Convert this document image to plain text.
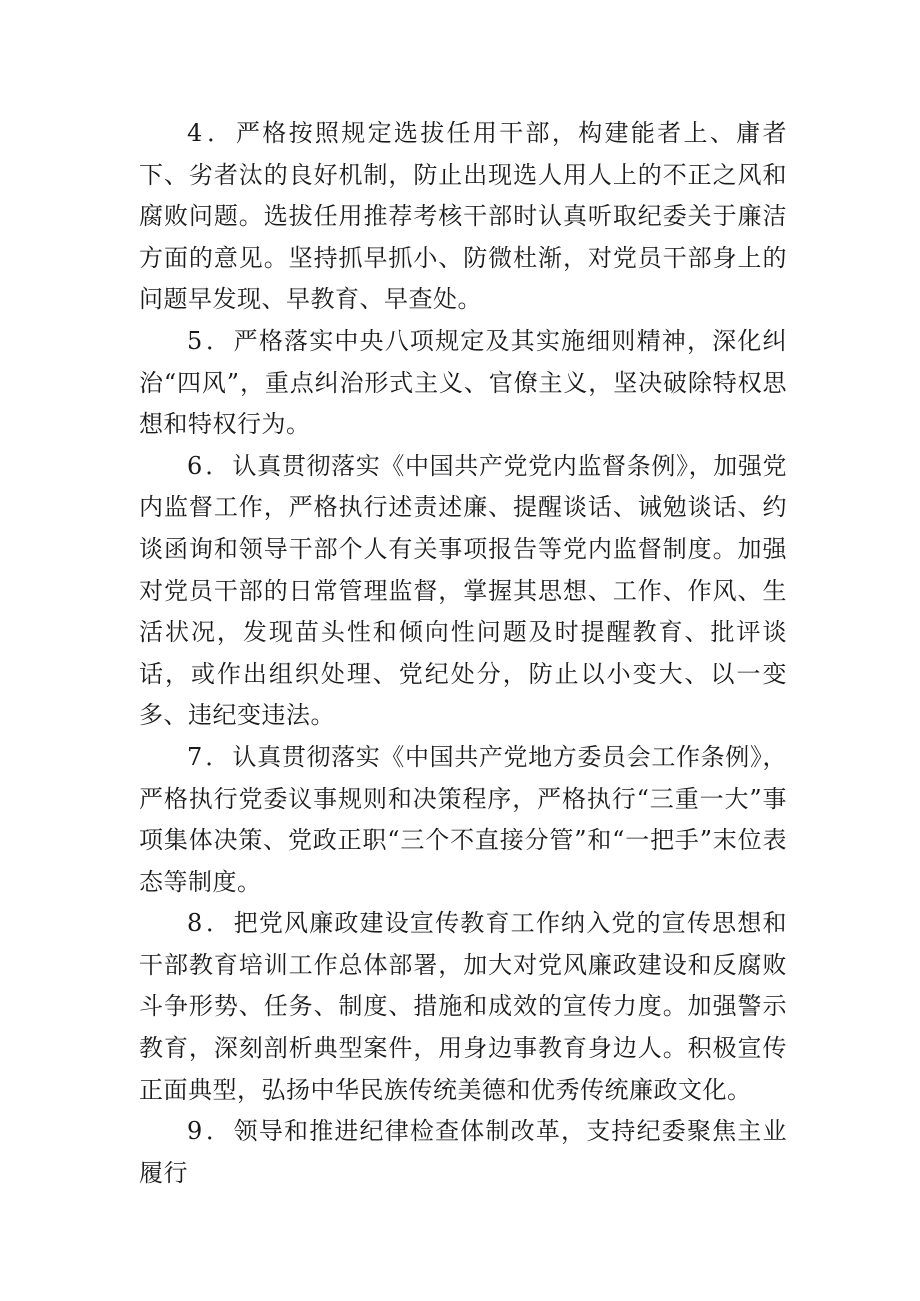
4．严格按照规定选拔任用干部，构建能者上、庸者下、劣者汰的良好机制，防止出现选人用人上的不正之风和腐败问题。选拔任用推荐考核干部时认真听取纪委关于廉洁方面的意见。坚持抓早抓小、防微杜渐，对党员干部身上的问题早发现、早教育、早查处。

5．严格落实中央八项规定及其实施细则精神，深化纠治“四风”，重点纠治形式主义、官僚主义，坚决破除特权思想和特权行为。

6．认真贯彻落实《中国共产党党内监督条例》，加强党内监督工作，严格执行述责述廉、提醒谈话、诫勉谈话、约谈函询和领导干部个人有关事项报告等党内监督制度。加强对党员干部的日常管理监督，掌握其思想、工作、作风、生活状况，发现苗头性和倾向性问题及时提醒教育、批评谈话，或作出组织处理、党纪处分，防止以小变大、以一变多、违纪变违法。

7．认真贯彻落实《中国共产党地方委员会工作条例》，严格执行党委议事规则和决策程序，严格执行“三重一大”事项集体决策、党政正职“三个不直接分管”和“一把手”末位表态等制度。

8．把党风廉政建设宣传教育工作纳入党的宣传思想和干部教育培训工作总体部署，加大对党风廉政建设和反腐败斗争形势、任务、制度、措施和成效的宣传力度。加强警示教育，深刻剖析典型案件，用身边事教育身边人。积极宣传正面典型，弘扬中华民族传统美德和优秀传统廉政文化。

9．领导和推进纪律检查体制改革，支持纪委聚焦主业履行
